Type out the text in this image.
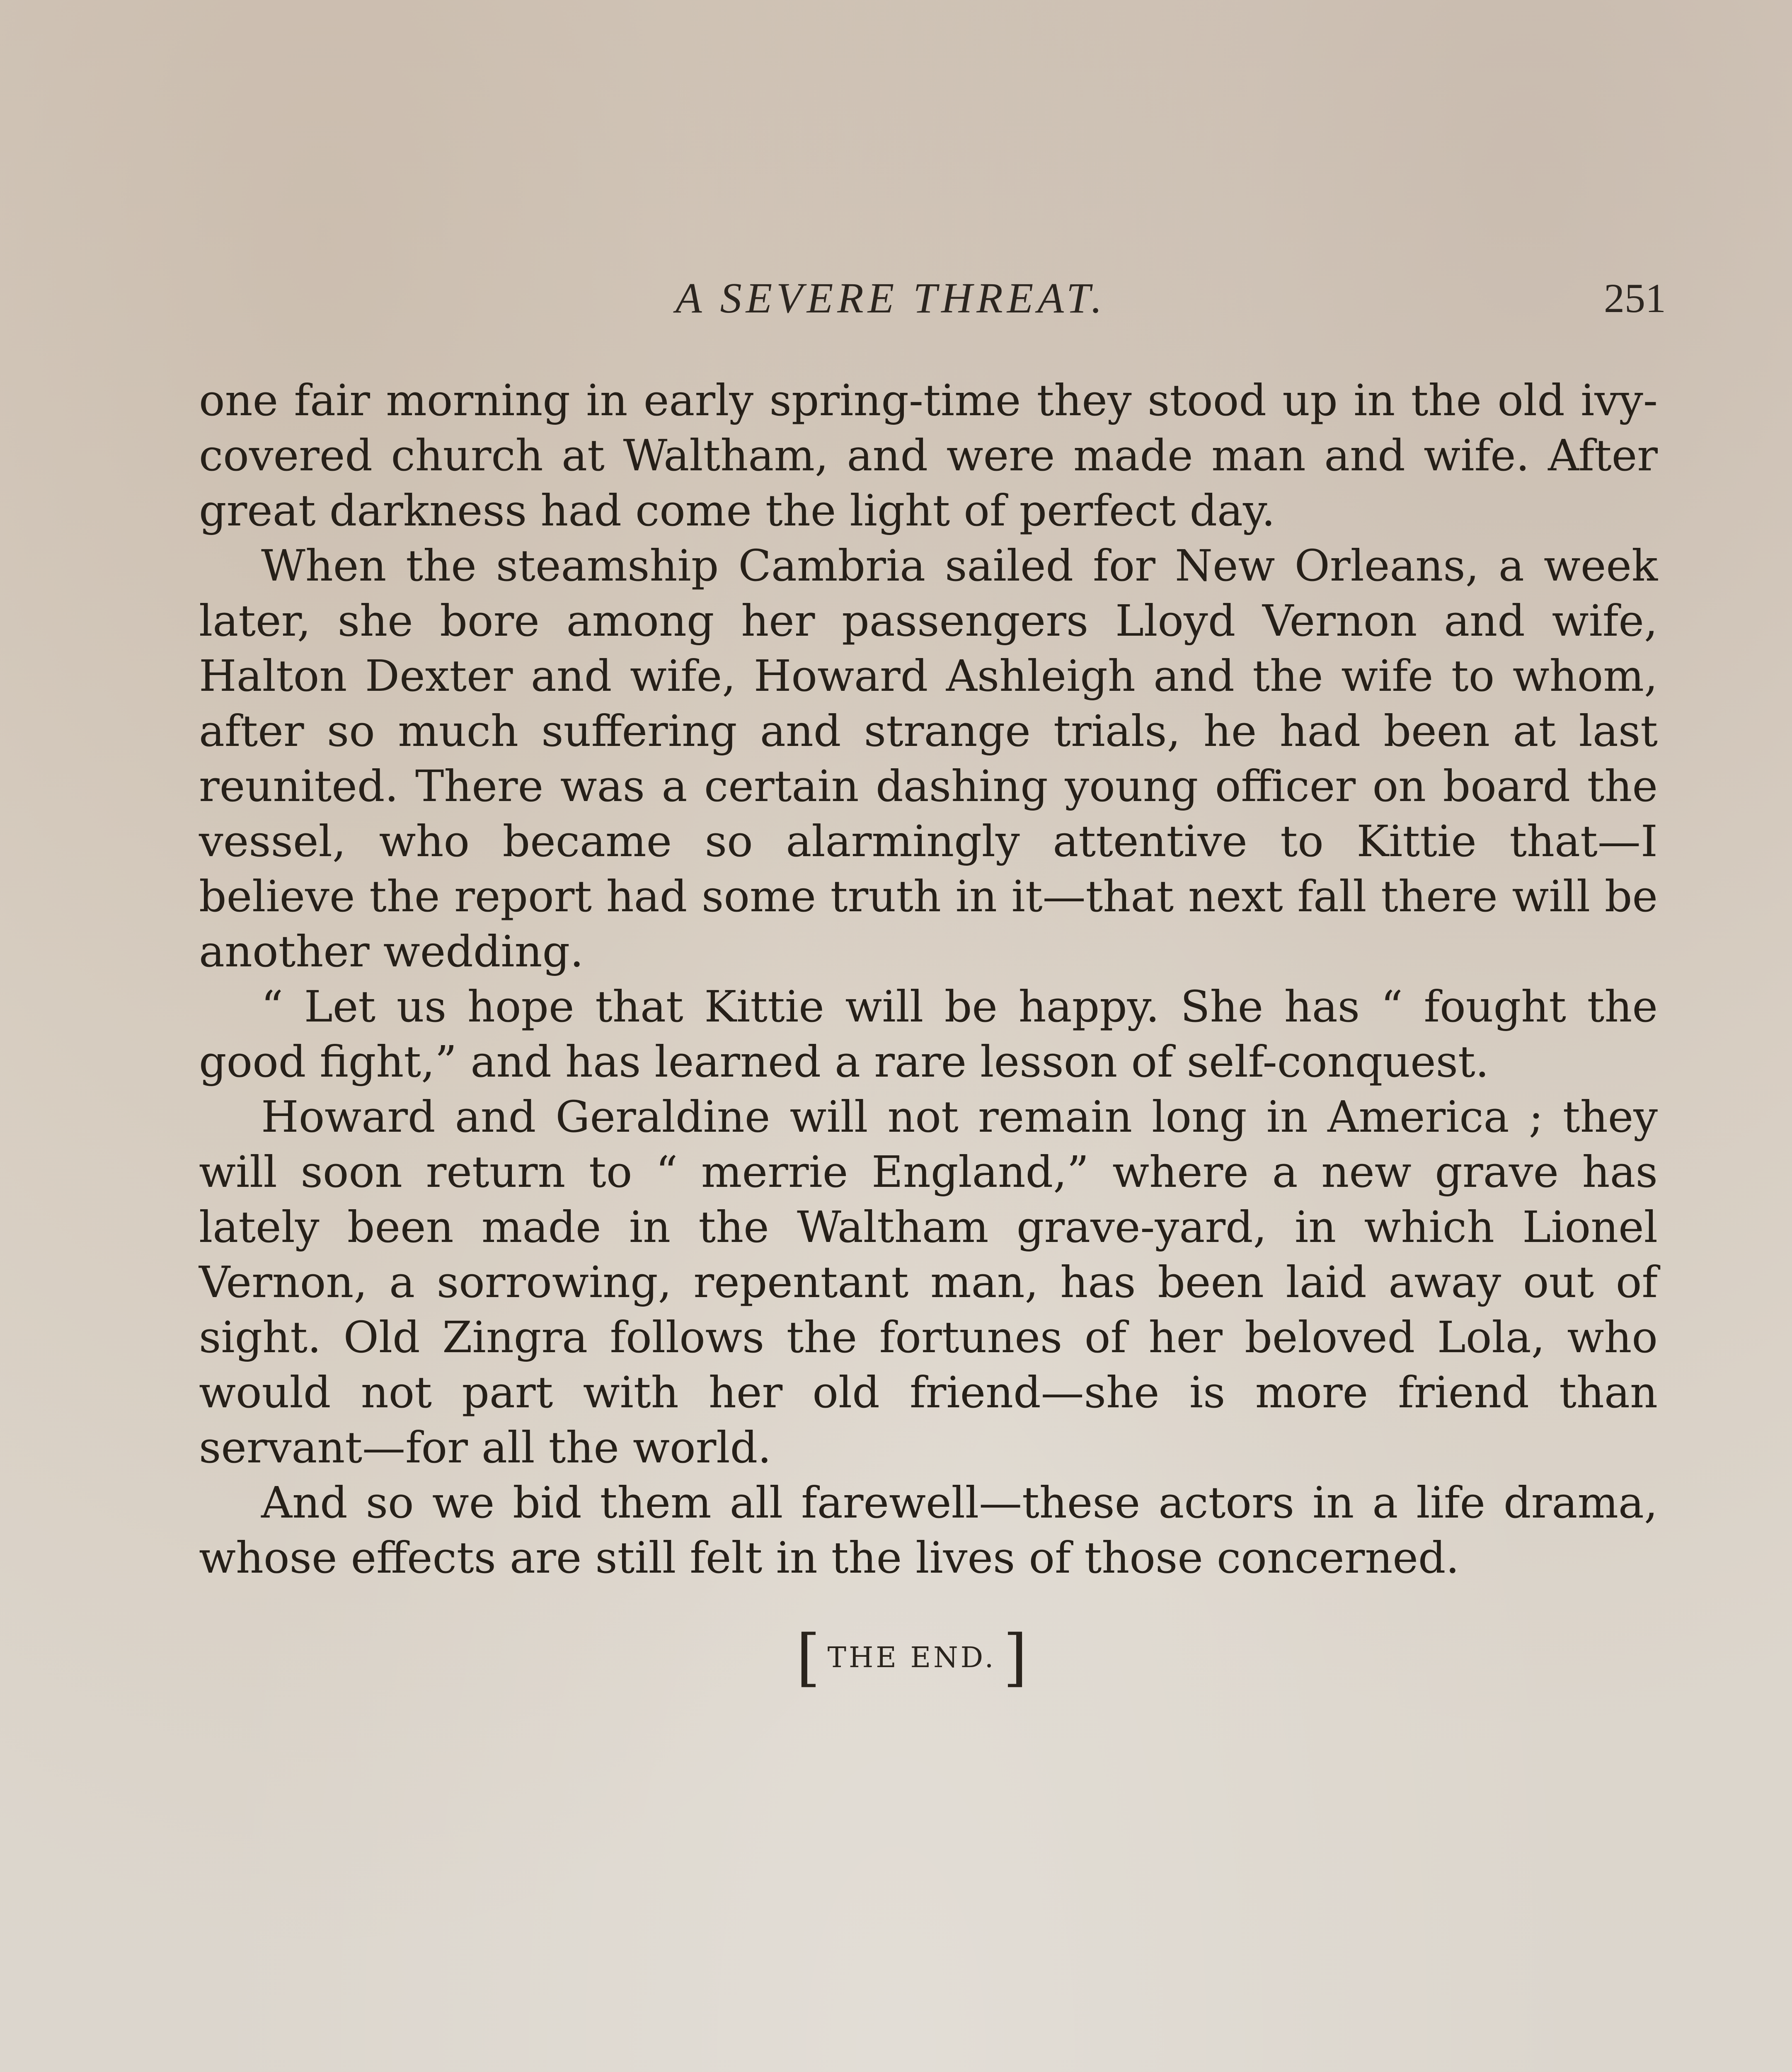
A SEVERE THREAT.	251

one fair morning in early spring-time they stood up in the old ivy-covered church at Waltham, and were made man and wife. After great darkness had come the light of perfect day.

When the steamship Cambria sailed for New Orleans, a week later, she bore among her passengers Lloyd Vernon and wife, Halton Dexter and wife, Howard Ashleigh and the wife to whom, after so much suffering and strange trials, he had been at last reunited. There was a certain dashing young officer on board the vessel, who became so alarmingly attentive to Kittie that—I believe the report had some truth in it—that next fall there will be another wedding.

“ Let us hope that Kittie will be happy. She has “ fought the good fight,” and has learned a rare lesson of self-conquest.

Howard and Geraldine will not remain long in America ; they will soon return to “ merrie England,” where a new grave has lately been made in the Waltham grave-yard, in which Lionel Vernon, a sorrowing, repentant man, has been laid away out of sight. Old Zingra follows the fortunes of her beloved Lola, who would not part with her old friend—she is more friend than servant—for all the world.

And so we bid them all farewell—these actors in a life drama, whose effects are still felt in the lives of those concerned.

[ THE END. ]
